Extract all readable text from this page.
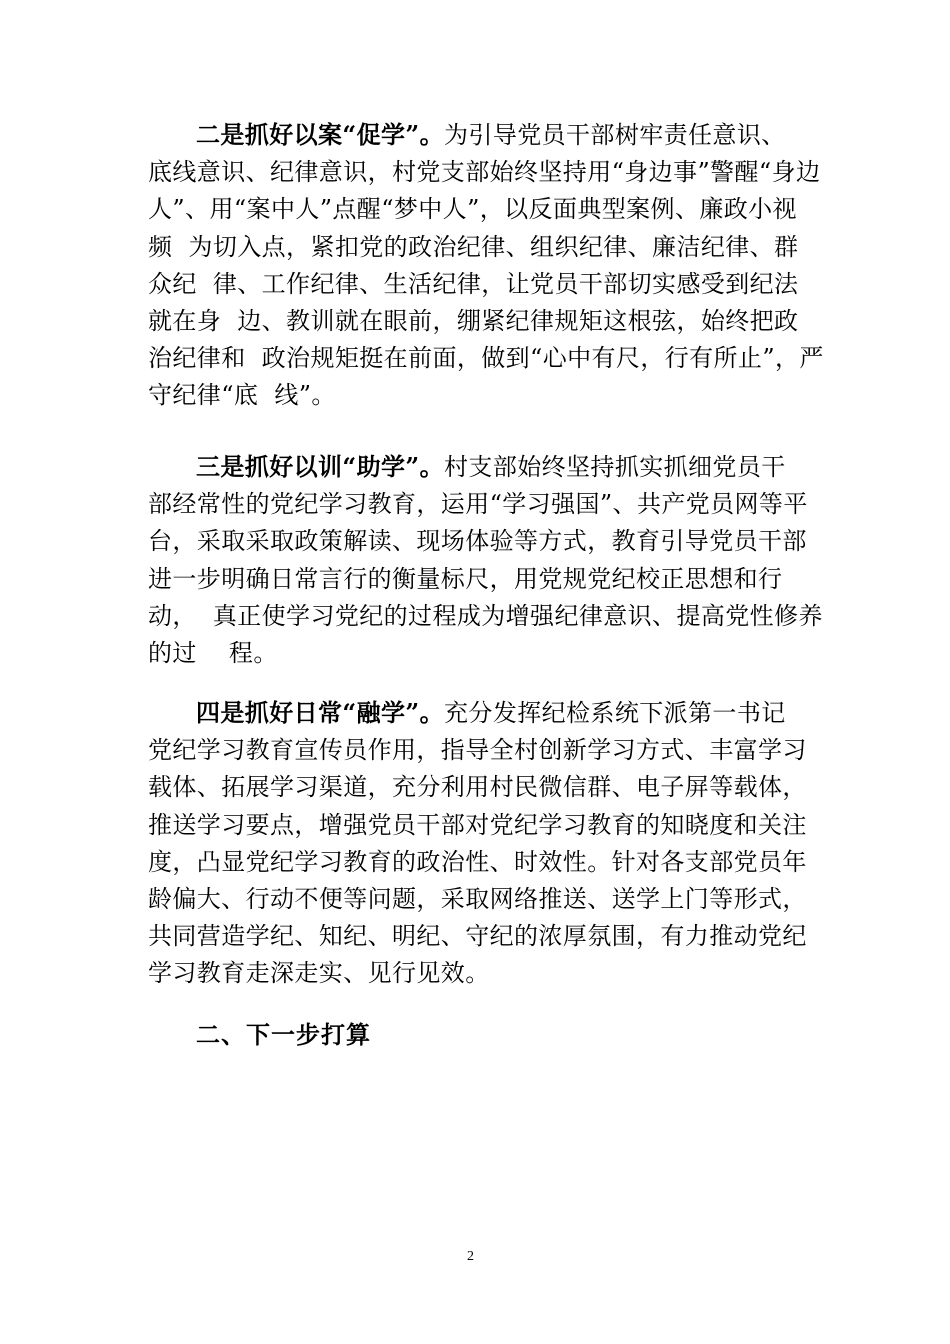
二是抓好以案“促学”。为引导党员干部树牢责任意识、
底线意识、纪律意识，村党支部始终坚持用“身边事”警醒“身边
人”、用“案中人”点醒“梦中人”，以反面典型案例、廉政小视
频  为切入点，紧扣党的政治纪律、组织纪律、廉洁纪律、群
众纪  律、工作纪律、生活纪律，让党员干部切实感受到纪法
就在身  边、教训就在眼前，绷紧纪律规矩这根弦，始终把政
治纪律和  政治规矩挺在前面，做到“心中有尺，行有所止”，严
守纪律“底  线”。
三是抓好以训“助学”。村支部始终坚持抓实抓细党员干
部经常性的党纪学习教育，运用“学习强国”、共产党员网等平
台，采取采取政策解读、现场体验等方式，教育引导党员干部
进一步明确日常言行的衡量标尺，用党规党纪校正思想和行
动，  真正使学习党纪的过程成为增强纪律意识、提高党性修养
的过    程。
四是抓好日常“融学”。充分发挥纪检系统下派第一书记
党纪学习教育宣传员作用，指导全村创新学习方式、丰富学习
载体、拓展学习渠道，充分利用村民微信群、电子屏等载体，
推送学习要点，增强党员干部对党纪学习教育的知晓度和关注
度，凸显党纪学习教育的政治性、时效性。针对各支部党员年
龄偏大、行动不便等问题，采取网络推送、送学上门等形式，
共同营造学纪、知纪、明纪、守纪的浓厚氛围，有力推动党纪
学习教育走深走实、见行见效。
二、下一步打算
2
